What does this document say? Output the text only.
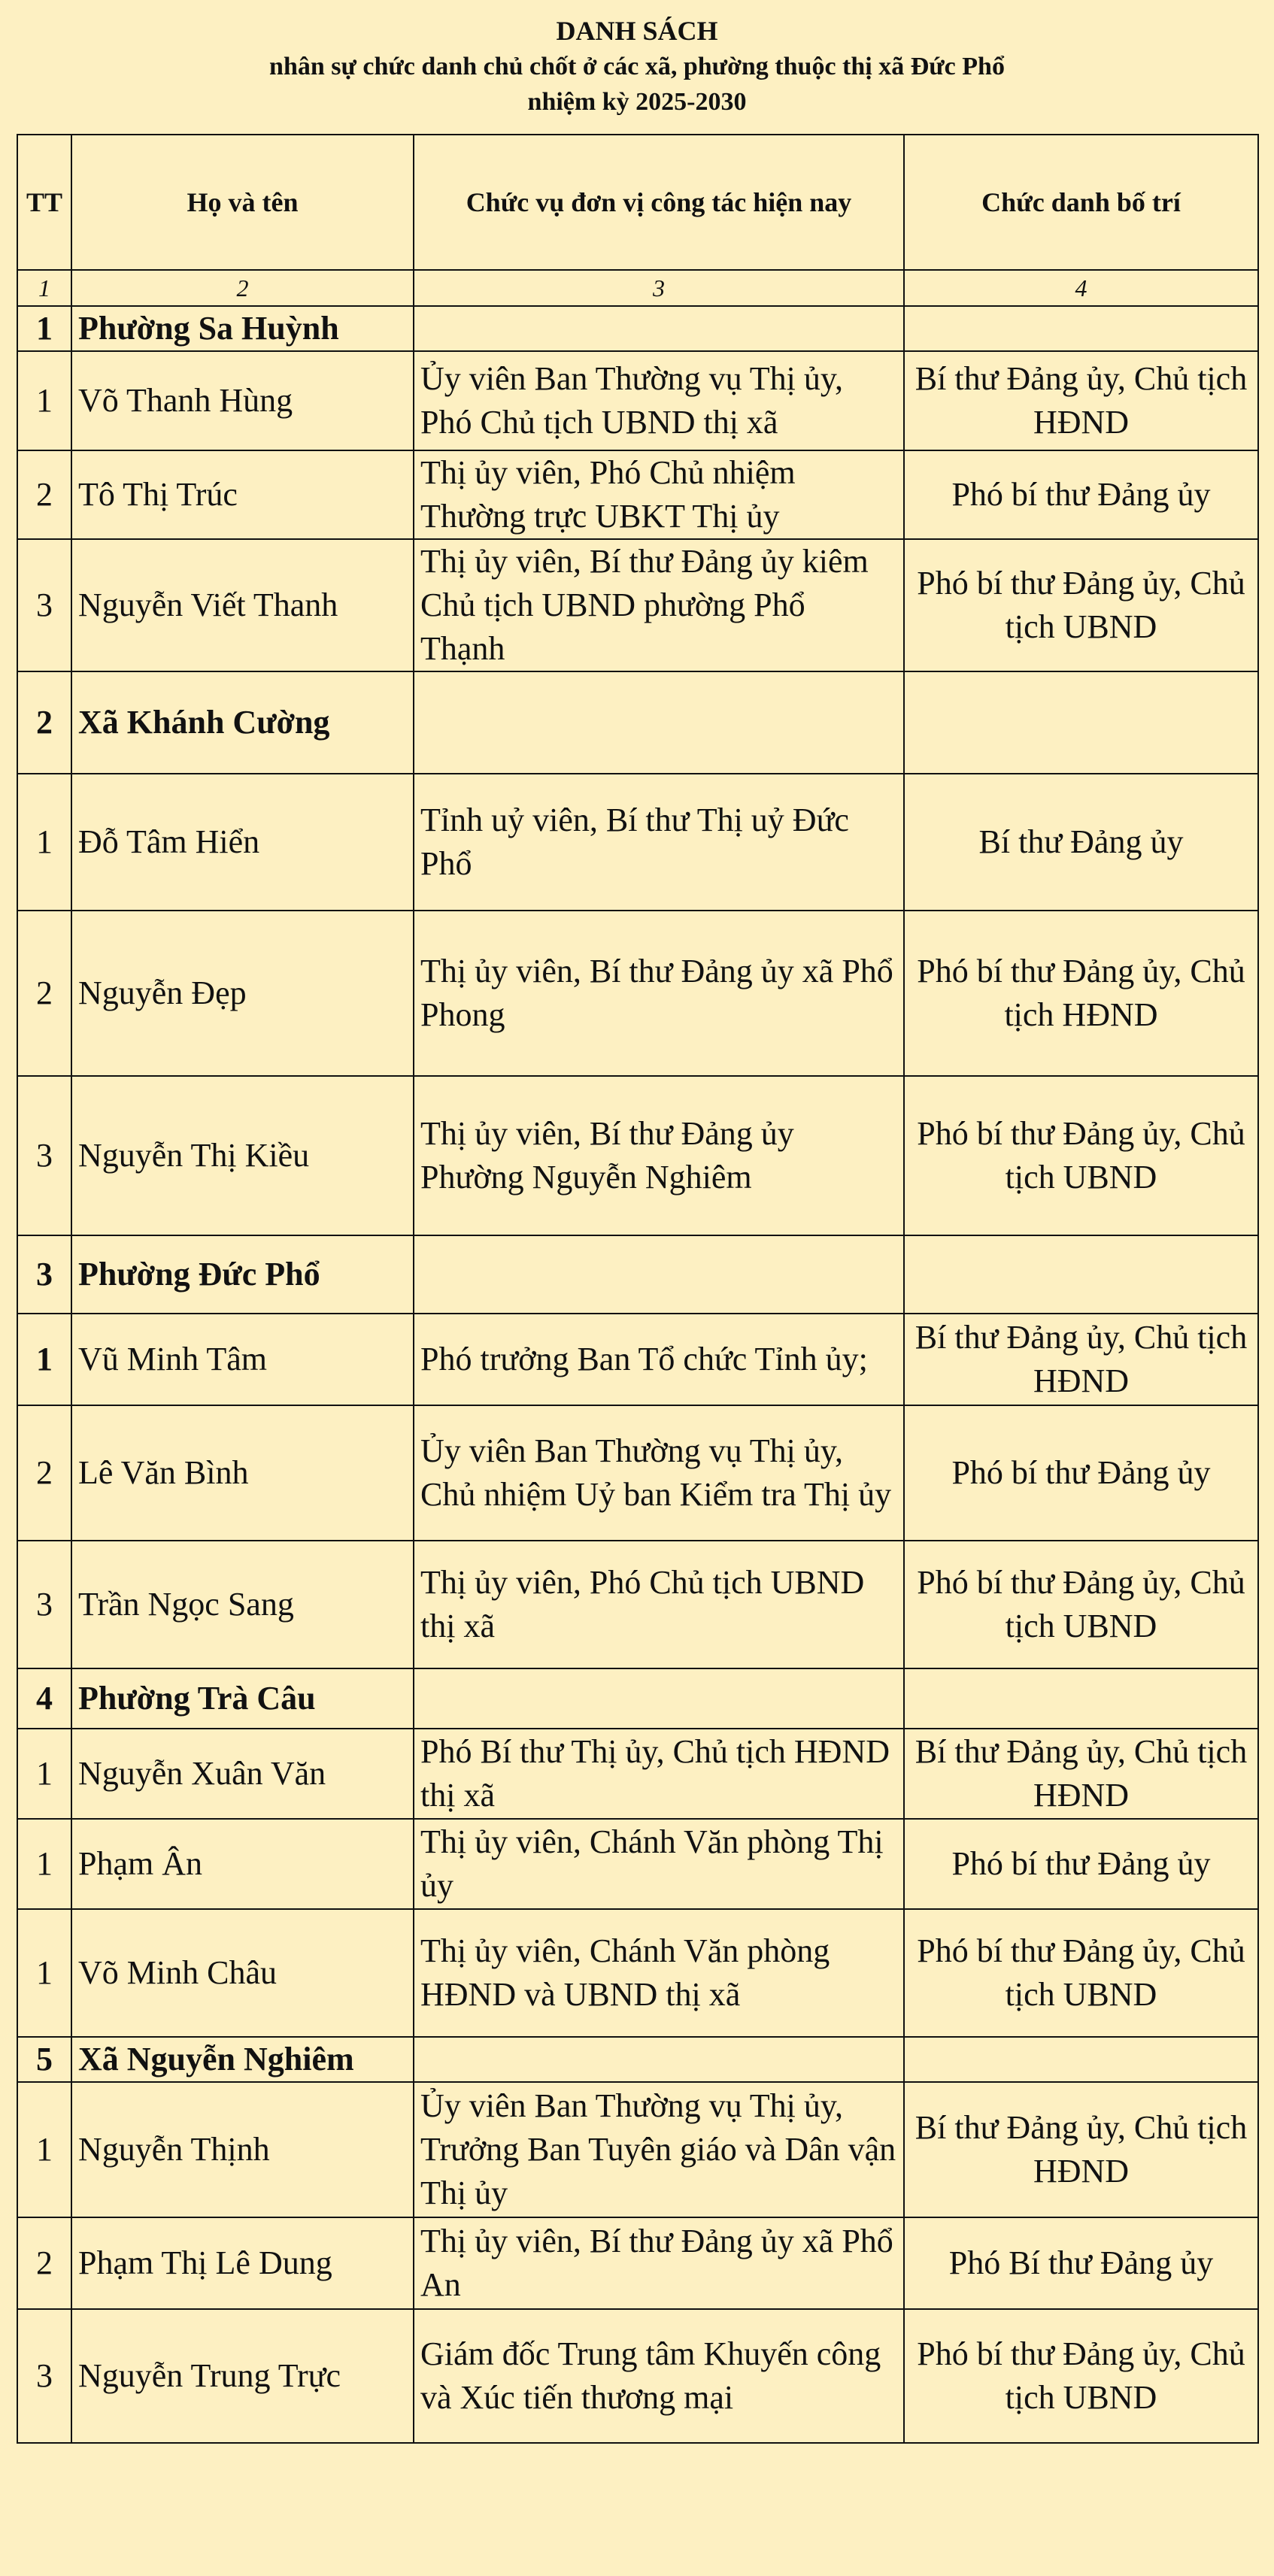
DANH SÁCH
nhân sự chức danh chủ chốt ở các xã, phường thuộc thị xã Đức Phổ
nhiệm kỳ 2025-2030
TT	Họ và tên	Chức vụ đơn vị công tác hiện nay	Chức danh bố trí
1	2	3	4
1	Phường Sa Huỳnh		
1	Võ Thanh Hùng	Ủy viên Ban Thường vụ Thị ủy, Phó Chủ tịch UBND thị xã	Bí thư Đảng ủy, Chủ tịch HĐND
2	Tô Thị Trúc	Thị ủy viên, Phó Chủ nhiệm Thường trực UBKT Thị ủy	Phó bí thư Đảng ủy
3	Nguyễn Viết Thanh	Thị ủy viên, Bí thư Đảng ủy kiêm Chủ tịch UBND phường Phổ Thạnh	Phó bí thư Đảng ủy, Chủ tịch UBND
2	Xã Khánh Cường		
1	Đỗ Tâm Hiển	Tỉnh uỷ viên, Bí thư Thị uỷ Đức Phổ	Bí thư Đảng ủy
2	Nguyễn Đẹp	Thị ủy viên, Bí thư Đảng ủy xã Phổ Phong	Phó bí thư Đảng ủy, Chủ tịch HĐND
3	Nguyễn Thị Kiều	Thị ủy viên, Bí thư Đảng ủy Phường Nguyễn Nghiêm	Phó bí thư Đảng ủy, Chủ tịch UBND
3	Phường Đức Phổ		
1	Vũ Minh Tâm	Phó trưởng Ban Tổ chức Tỉnh ủy;	Bí thư Đảng ủy, Chủ tịch HĐND
2	Lê Văn Bình	Ủy viên Ban Thường vụ Thị ủy, Chủ nhiệm Uỷ ban Kiểm tra Thị ủy	Phó bí thư Đảng ủy
3	Trần Ngọc Sang	Thị ủy viên, Phó Chủ tịch UBND thị xã	Phó bí thư Đảng ủy, Chủ tịch UBND
4	Phường Trà Câu		
1	Nguyễn Xuân Văn	Phó Bí thư Thị ủy, Chủ tịch HĐND thị xã	Bí thư Đảng ủy, Chủ tịch HĐND
1	Phạm Ân	Thị ủy viên, Chánh Văn phòng Thị ủy	Phó bí thư Đảng ủy
1	Võ Minh Châu	Thị ủy viên, Chánh Văn phòng HĐND và UBND thị xã	Phó bí thư Đảng ủy, Chủ tịch UBND
5	Xã Nguyễn Nghiêm		
1	Nguyễn Thịnh	Ủy viên Ban Thường vụ Thị ủy, Trưởng Ban Tuyên giáo và Dân vận Thị ủy	Bí thư Đảng ủy, Chủ tịch HĐND
2	Phạm Thị Lê Dung	Thị ủy viên, Bí thư Đảng ủy xã Phổ An	Phó Bí thư Đảng ủy
3	Nguyễn Trung Trực	Giám đốc Trung tâm Khuyến công và Xúc tiến thương mại	Phó bí thư Đảng ủy, Chủ tịch UBND
